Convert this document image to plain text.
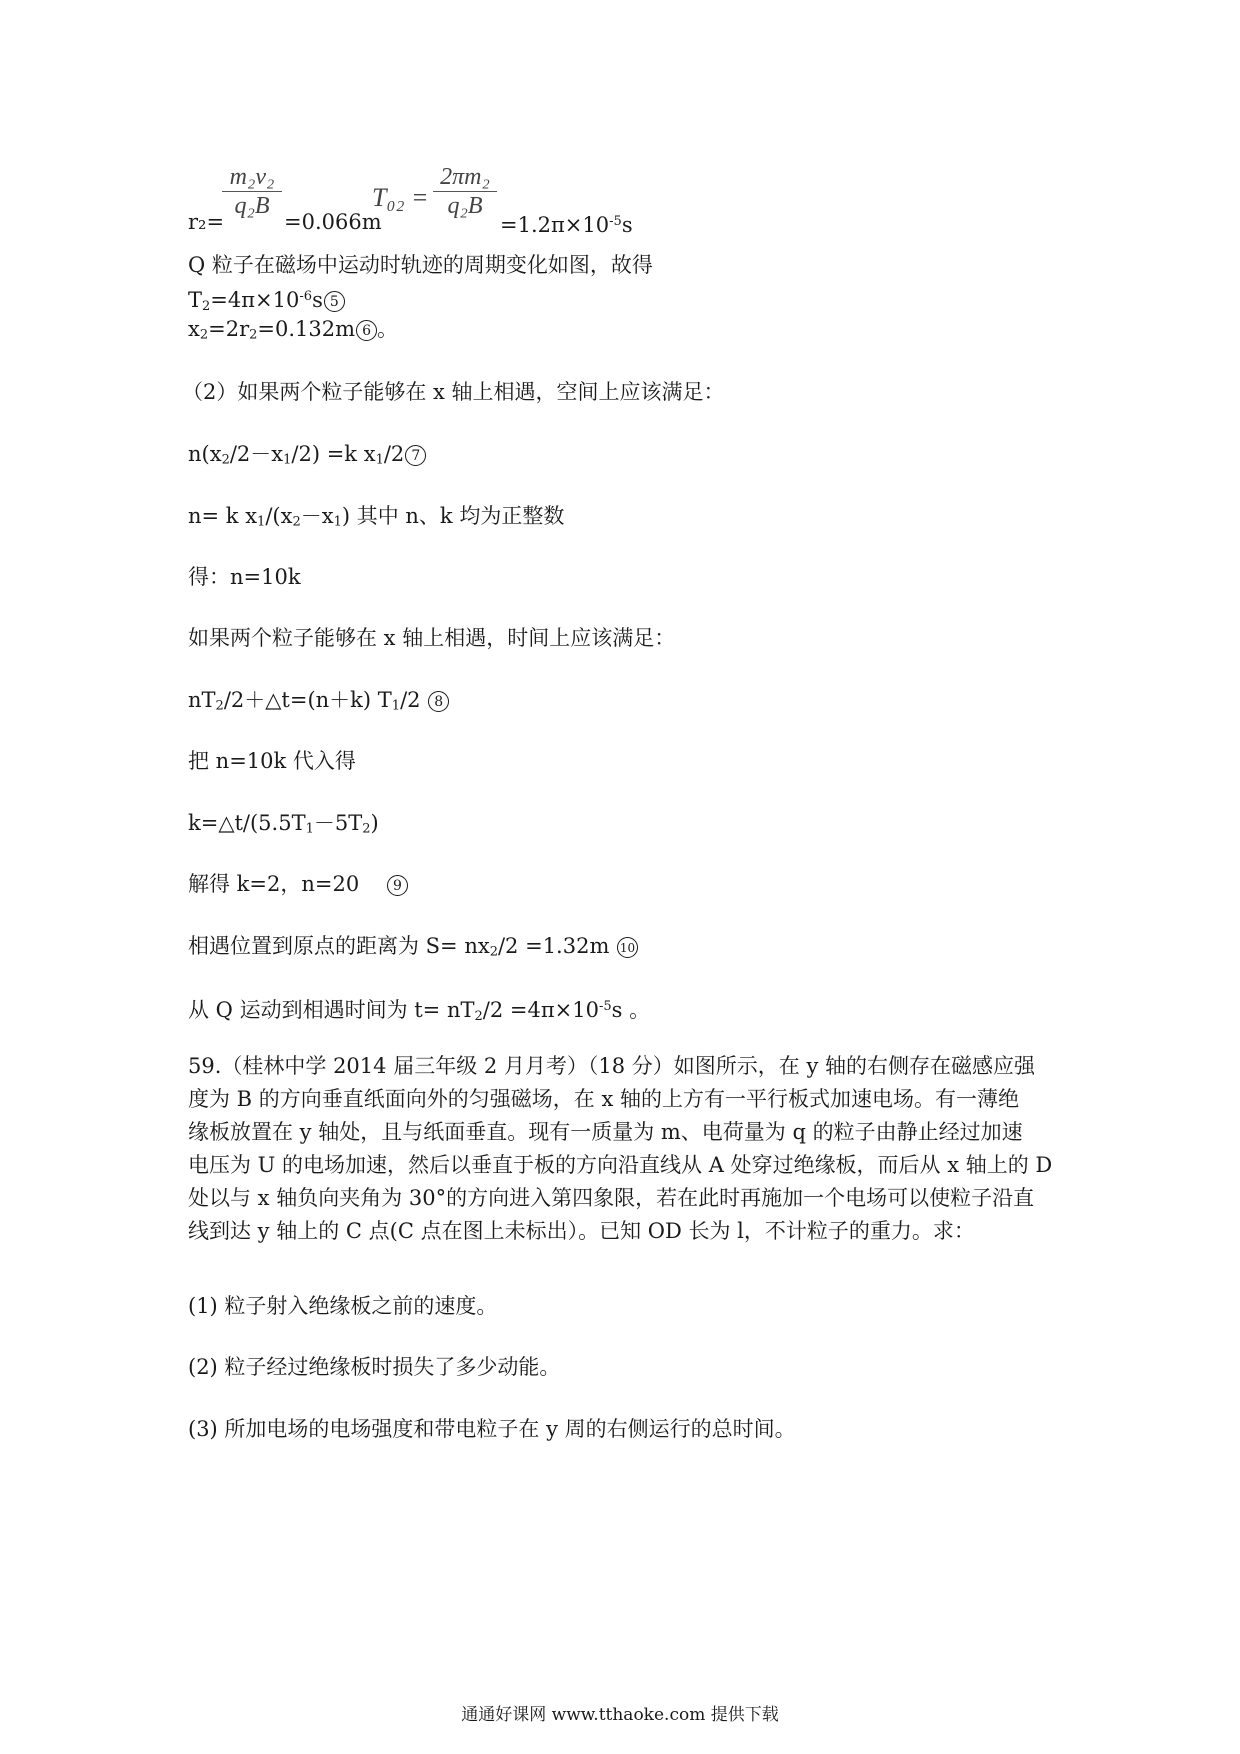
r₂=
m₂v₂
q₂B
=0.066m
T₀₂ =
2πm₂
q₂B
$=1.2\pi\times 10^{-5}s$
Q 粒子在磁场中运动时轨迹的周期变化如图，故得
$T_2=4\pi\times 10^{-6}s$ 5
$x_2=2r_2=0.132m$ 6 。
（2）如果两个粒子能够在 x 轴上相遇，空间上应该满足：
$n(x_2/2-x_1/2) =k$ $x_1/2$ 7
n= k $x_1/(x_2-x_1)$ 其中 n、k 均为正整数
得：n=10k
如果两个粒子能够在 x 轴上相遇，时间上应该满足：
$nT_2/2+\triangle t=(n+k)$ $T_1/2$ 8
把 n=10k 代入得
$k=\triangle t/(5.5T_1-5T_2)$
解得 k=2，n=20    9
相遇位置到原点的距离为 $S= nx_2/2 =1.32m$ 10
从 Q 运动到相遇时间为 $t= nT_2/2 =4\pi\times 10^{-5}s$ 。
59.（桂林中学 2014 届三年级 2 月月考）（18 分）如图所示，在 y 轴的右侧存在磁感应强
度为 B 的方向垂直纸面向外的匀强磁场，在 x 轴的上方有一平行板式加速电场。有一薄绝
缘板放置在 y 轴处，且与纸面垂直。现有一质量为 m、电荷量为 q 的粒子由静止经过加速
电压为 U 的电场加速，然后以垂直于板的方向沿直线从 A 处穿过绝缘板，而后从 x 轴上的 D
处以与 x 轴负向夹角为 30°的方向进入第四象限，若在此时再施加一个电场可以使粒子沿直
线到达 y 轴上的 C 点(C 点在图上未标出）。已知 OD 长为 l，不计粒子的重力。求：
(1) 粒子射入绝缘板之前的速度。
(2) 粒子经过绝缘板时损失了多少动能。
(3) 所加电场的电场强度和带电粒子在 y 周的右侧运行的总时间。
通通好课网 www.tthaoke.com 提供下载
